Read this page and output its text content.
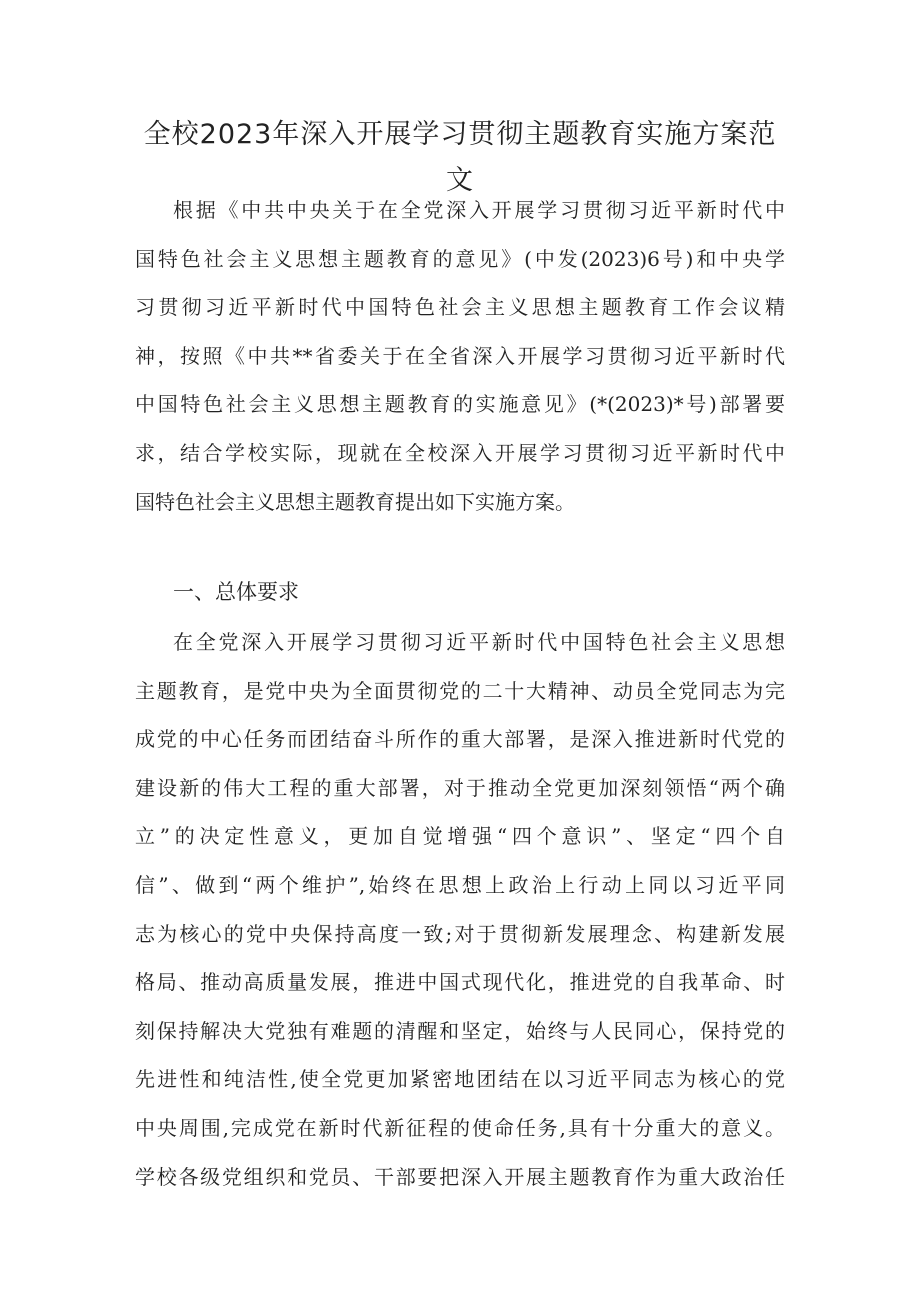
全校2023年深入开展学习贯彻主题教育实施方案范
文
根据《中共中央关于在全党深入开展学习贯彻习近平新时代中
国特色社会主义思想主题教育的意见》(中发(2023)6号)和中央学
习贯彻习近平新时代中国特色社会主义思想主题教育工作会议精
神，按照《中共**省委关于在全省深入开展学习贯彻习近平新时代
中国特色社会主义思想主题教育的实施意见》(*(2023)*号)部署要
求，结合学校实际，现就在全校深入开展学习贯彻习近平新时代中
国特色社会主义思想主题教育提出如下实施方案。
一、总体要求
在全党深入开展学习贯彻习近平新时代中国特色社会主义思想
主题教育，是党中央为全面贯彻党的二十大精神、动员全党同志为完
成党的中心任务而团结奋斗所作的重大部署，是深入推进新时代党的
建设新的伟大工程的重大部署，对于推动全党更加深刻领悟“两个确
立”的决定性意义，更加自觉增强“四个意识”、坚定“四个自
信”、做到“两个维护”,始终在思想上政治上行动上同以习近平同
志为核心的党中央保持高度一致;对于贯彻新发展理念、构建新发展
格局、推动高质量发展，推进中国式现代化，推进党的自我革命、时
刻保持解决大党独有难题的清醒和坚定，始终与人民同心，保持党的
先进性和纯洁性,使全党更加紧密地团结在以习近平同志为核心的党
中央周围,完成党在新时代新征程的使命任务,具有十分重大的意义。
学校各级党组织和党员、干部要把深入开展主题教育作为重大政治任
